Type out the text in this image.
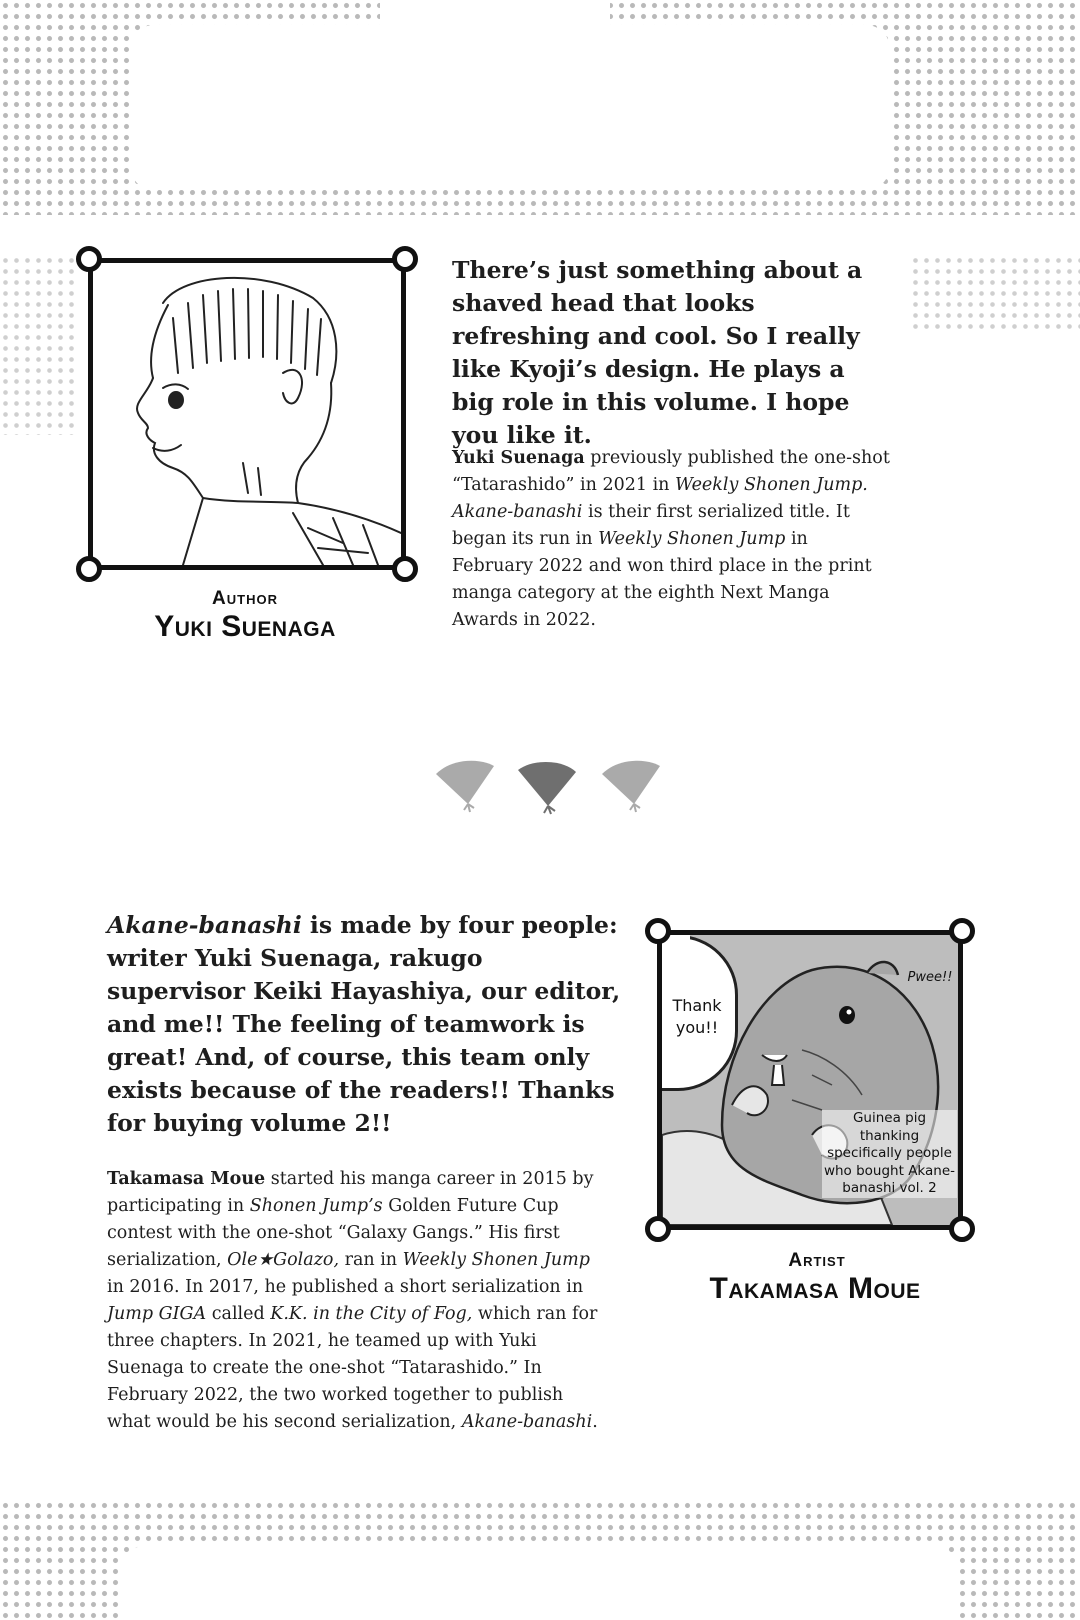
Author
Yuki Suenaga
There’s just something about a shaved head that looks refreshing and cool. So I really like Kyoji’s design. He plays a big role in this volume. I hope you like it.
Yuki Suenaga previously published the one-shot “Tatarashido” in 2021 in Weekly Shonen Jump. Akane-banashi is their first serialized title. It began its run in Weekly Shonen Jump in February 2022 and won third place in the print manga category at the eighth Next Manga Awards in 2022.
Akane-banashi is made by four people: writer Yuki Suenaga, rakugo supervisor Keiki Hayashiya, our editor, and me!! The feeling of teamwork is great! And, of course, this team only exists because of the readers!! Thanks for buying volume 2!!
Takamasa Moue started his manga career in 2015 by participating in Shonen Jump’s Golden Future Cup contest with the one-shot “Galaxy Gangs.” His first serialization, Ole★Golazo, ran in Weekly Shonen Jump in 2016. In 2017, he published a short serialization in Jump GIGA called K.K. in the City of Fog, which ran for three chapters. In 2021, he teamed up with Yuki Suenaga to create the one-shot “Tatarashido.” In February 2022, the two worked together to publish what would be his second serialization, Akane-banashi.
Thank you!!
Pwee!!
Guinea pig thanking specifically people who bought Akane-banashi vol. 2
Artist
Takamasa Moue
